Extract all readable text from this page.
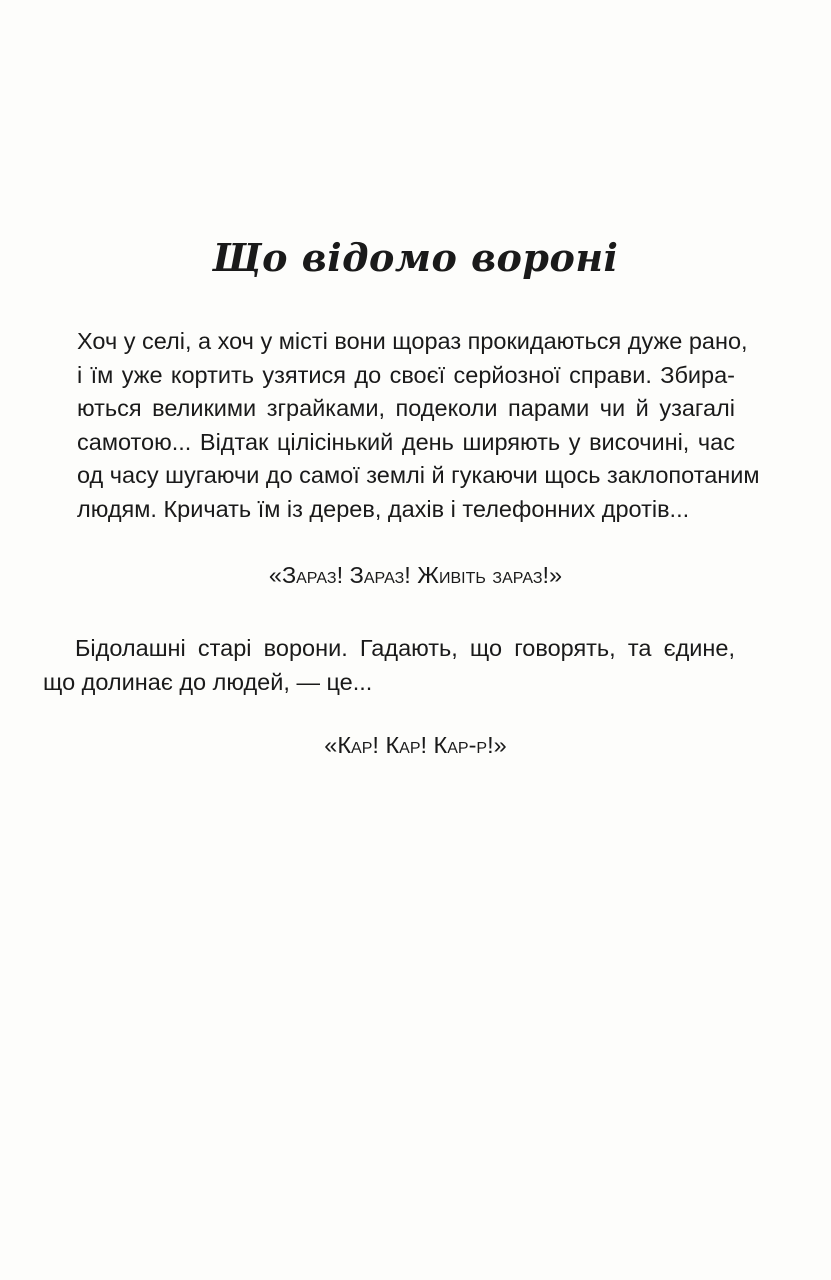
Що відомо вороні

Хоч у селі, а хоч у місті вони щораз прокидаються дуже рано,
і їм уже кортить узятися до своєї серйозної справи. Збира-
ються великими зграйками, подеколи парами чи й узагалі
самотою... Відтак цілісінький день ширяють у височині, час
од часу шугаючи до самої землі й гукаючи щось заклопотаним
людям. Кричать їм із дерев, дахів і телефонних дротів...

«Зараз! Зараз! Живіть зараз!»

Бідолашні старі ворони. Гадають, що говорять, та єдине,
що долинає до людей, — це...

«Кар! Кар! Кар-р!»
